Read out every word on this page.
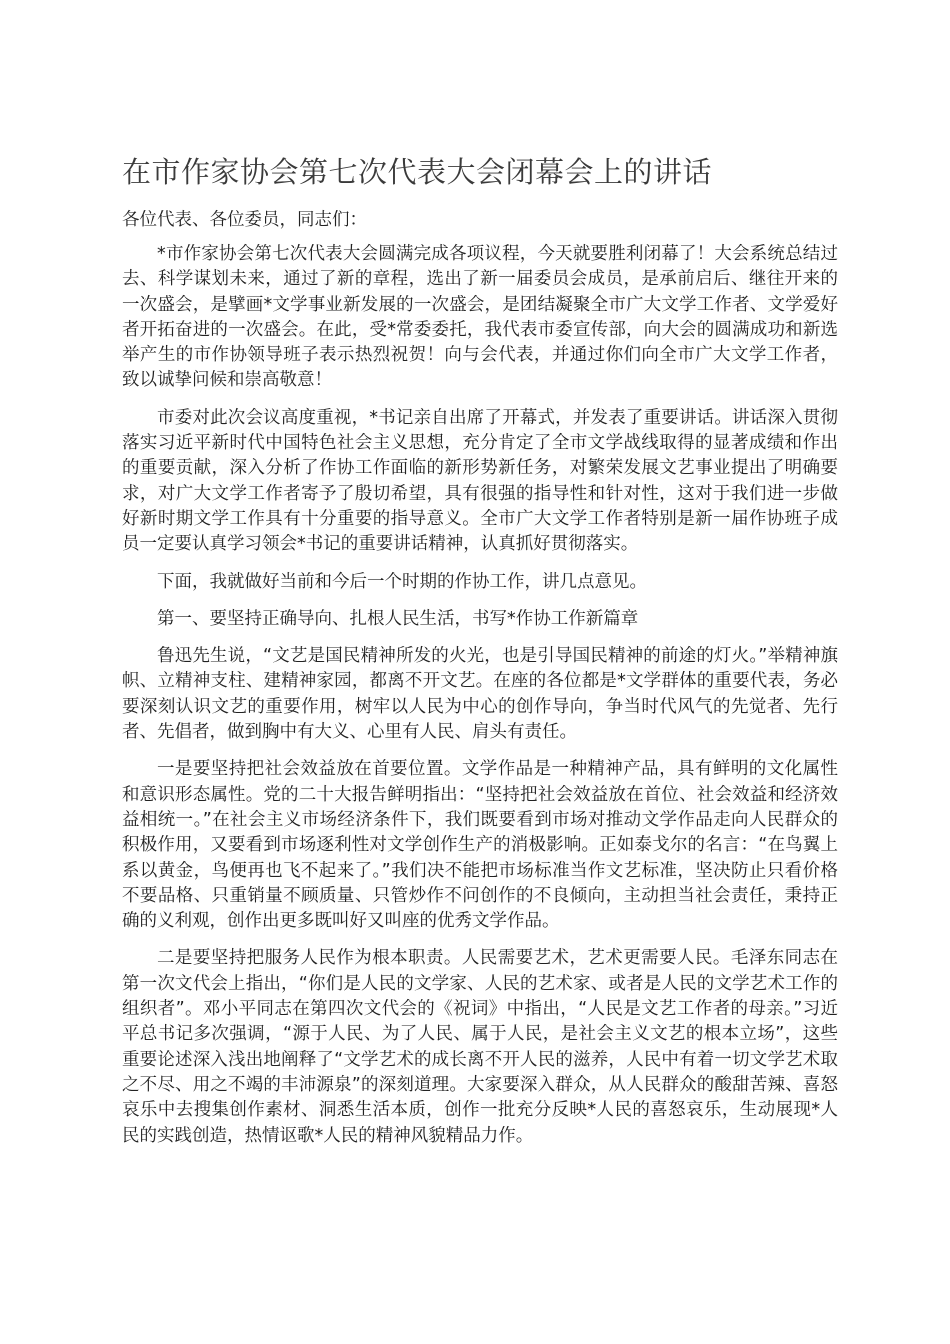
在市作家协会第七次代表大会闭幕会上的讲话

各位代表、各位委员，同志们：

*市作家协会第七次代表大会圆满完成各项议程，今天就要胜利闭幕了！大会系统总结过去、科学谋划未来，通过了新的章程，选出了新一届委员会成员，是承前启后、继往开来的一次盛会，是擘画*文学事业新发展的一次盛会，是团结凝聚全市广大文学工作者、文学爱好者开拓奋进的一次盛会。在此，受*常委委托，我代表市委宣传部，向大会的圆满成功和新选举产生的市作协领导班子表示热烈祝贺！向与会代表，并通过你们向全市广大文学工作者，致以诚挚问候和崇高敬意！

市委对此次会议高度重视，*书记亲自出席了开幕式，并发表了重要讲话。讲话深入贯彻落实习近平新时代中国特色社会主义思想，充分肯定了全市文学战线取得的显著成绩和作出的重要贡献，深入分析了作协工作面临的新形势新任务，对繁荣发展文艺事业提出了明确要求，对广大文学工作者寄予了殷切希望，具有很强的指导性和针对性，这对于我们进一步做好新时期文学工作具有十分重要的指导意义。全市广大文学工作者特别是新一届作协班子成员一定要认真学习领会*书记的重要讲话精神，认真抓好贯彻落实。

下面，我就做好当前和今后一个时期的作协工作，讲几点意见。

第一、要坚持正确导向、扎根人民生活，书写*作协工作新篇章

鲁迅先生说，“文艺是国民精神所发的火光，也是引导国民精神的前途的灯火。”举精神旗帜、立精神支柱、建精神家园，都离不开文艺。在座的各位都是*文学群体的重要代表，务必要深刻认识文艺的重要作用，树牢以人民为中心的创作导向，争当时代风气的先觉者、先行者、先倡者，做到胸中有大义、心里有人民、肩头有责任。

一是要坚持把社会效益放在首要位置。文学作品是一种精神产品，具有鲜明的文化属性和意识形态属性。党的二十大报告鲜明指出：“坚持把社会效益放在首位、社会效益和经济效益相统一。”在社会主义市场经济条件下，我们既要看到市场对推动文学作品走向人民群众的积极作用，又要看到市场逐利性对文学创作生产的消极影响。正如泰戈尔的名言：“在鸟翼上系以黄金，鸟便再也飞不起来了。”我们决不能把市场标准当作文艺标准，坚决防止只看价格不要品格、只重销量不顾质量、只管炒作不问创作的不良倾向，主动担当社会责任，秉持正确的义利观，创作出更多既叫好又叫座的优秀文学作品。

二是要坚持把服务人民作为根本职责。人民需要艺术，艺术更需要人民。毛泽东同志在第一次文代会上指出，“你们是人民的文学家、人民的艺术家、或者是人民的文学艺术工作的组织者”。邓小平同志在第四次文代会的《祝词》中指出，“人民是文艺工作者的母亲。”习近平总书记多次强调，“源于人民、为了人民、属于人民，是社会主义文艺的根本立场”，这些重要论述深入浅出地阐释了“文学艺术的成长离不开人民的滋养，人民中有着一切文学艺术取之不尽、用之不竭的丰沛源泉”的深刻道理。大家要深入群众，从人民群众的酸甜苦辣、喜怒哀乐中去搜集创作素材、洞悉生活本质，创作一批充分反映*人民的喜怒哀乐，生动展现*人民的实践创造，热情讴歌*人民的精神风貌精品力作。
